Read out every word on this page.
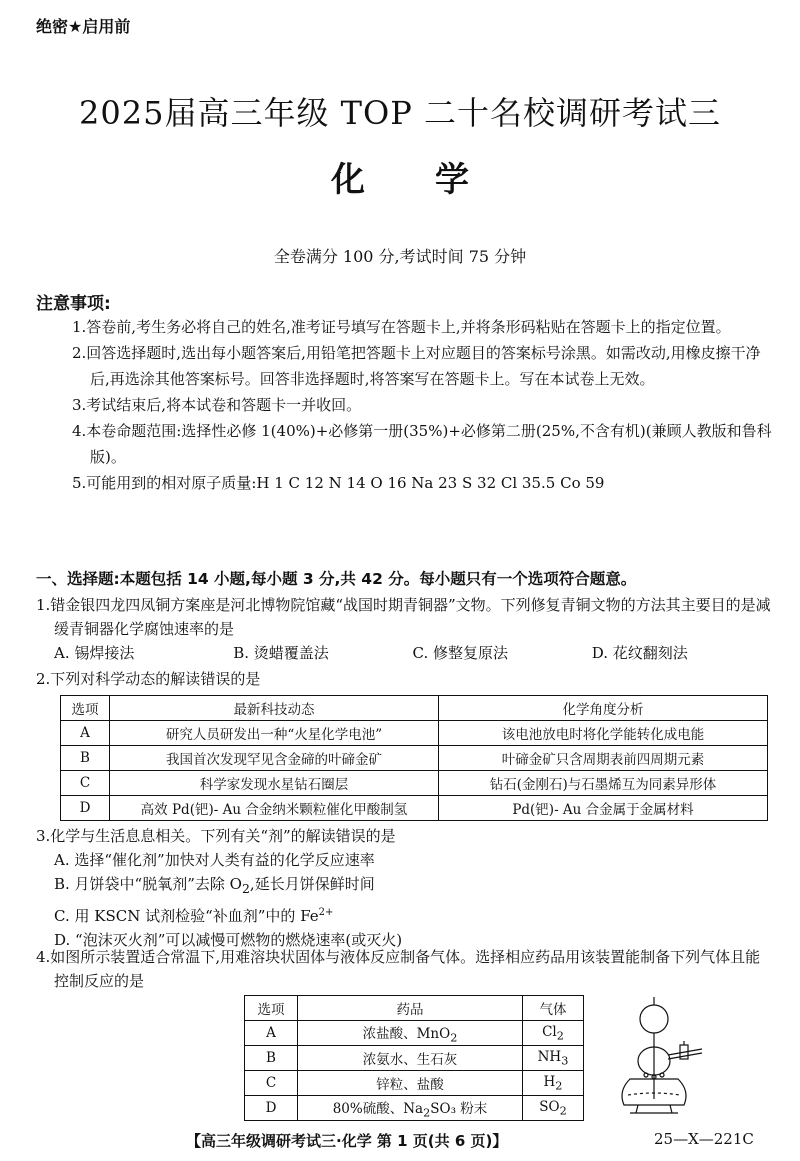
绝密★启用前
2025届高三年级 TOP 二十名校调研考试三
化 学
全卷满分 100 分,考试时间 75 分钟
注意事项:

1.答卷前,考生务必将自己的姓名,准考证号填写在答题卡上,并将条形码粘贴在答题卡上的指定位置。

2.回答选择题时,选出每小题答案后,用铅笔把答题卡上对应题目的答案标号涂黑。如需改动,用橡皮擦干净后,再选涂其他答案标号。回答非选择题时,将答案写在答题卡上。写在本试卷上无效。

3.考试结束后,将本试卷和答题卡一并收回。

4.本卷命题范围:选择性必修 1(40%)+必修第一册(35%)+必修第二册(25%,不含有机)(兼顾人教版和鲁科版)。

5.可能用到的相对原子质量:H 1 C 12 N 14 O 16 Na 23 S 32 Cl 35.5 Co 59

一、选择题:本题包括 14 小题,每小题 3 分,共 42 分。每小题只有一个选项符合题意。

1.错金银四龙四凤铜方案座是河北博物院馆藏“战国时期青铜器”文物。下列修复青铜文物的方法其主要目的是减缓青铜器化学腐蚀速率的是

A. 锡焊接法	B. 烫蜡覆盖法	C. 修整复原法	D. 花纹翻刻法

2.下列对科学动态的解读错误的是

选项	最新科技动态	化学角度分析
A	研究人员研发出一种“火星化学电池”	该电池放电时将化学能转化成电能
B	我国首次发现罕见含金碲的叶碲金矿	叶碲金矿只含周期表前四周期元素
C	科学家发现水星钻石圈层	钻石(金刚石)与石墨烯互为同素异形体
D	高效 Pd(钯)- Au 合金纳米颗粒催化甲酸制氢	Pd(钯)- Au 合金属于金属材料

3.化学与生活息息相关。下列有关“剂”的解读错误的是

A. 选择“催化剂”加快对人类有益的化学反应速率

B. 月饼袋中“脱氧剂”去除 $O_2$,延长月饼保鲜时间

C. 用 KSCN 试剂检验“补血剂”中的 $Fe^{2+}$

D. “泡沫灭火剂”可以减慢可燃物的燃烧速率(或灭火)

4.如图所示装置适合常温下,用难溶块状固体与液体反应制备气体。选择相应药品用该装置能制备下列气体且能控制反应的是

选项	药品	气体
A	浓盐酸、MnO$_2$	$Cl_2$
B	浓氨水、生石灰	$NH_3$
C	锌粒、盐酸	$H_2$
D	80%硫酸、$Na_2SO_3$ 粉末	$SO_2$
【高三年级调研考试三·化学 第 1 页(共 6 页)】	25—X—221C
